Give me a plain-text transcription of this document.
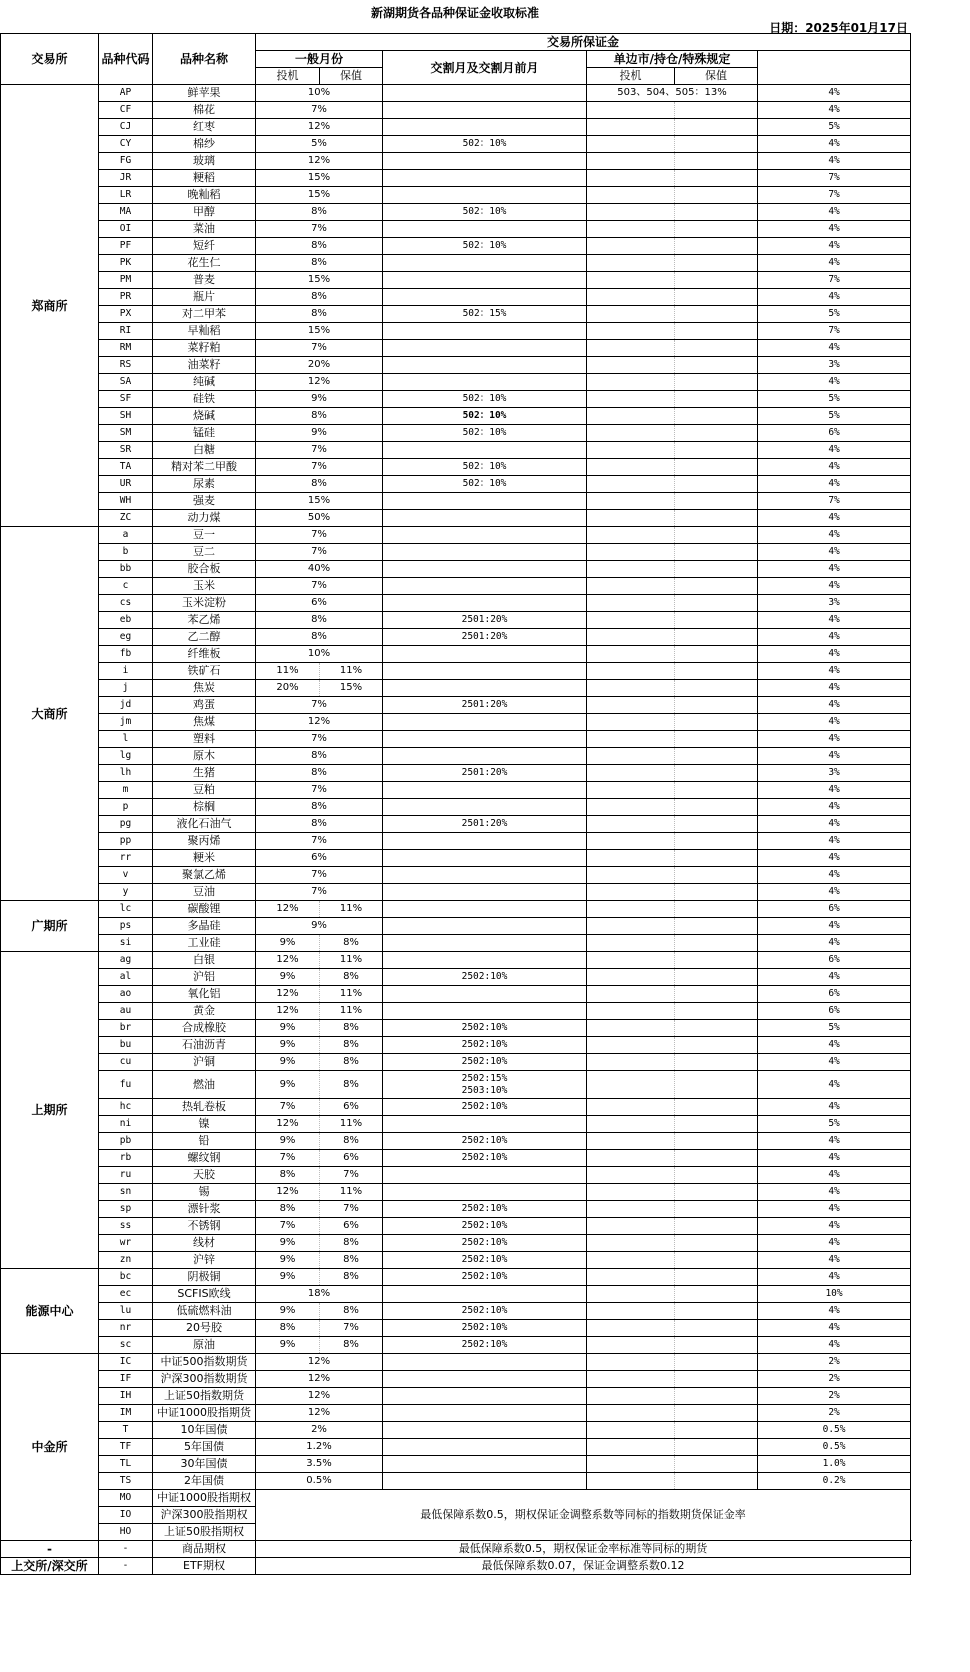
新湖期货各品种保证金收取标准
日期：2025年01月17日
交易所	品种代码	品种名称	交易所保证金	
			一般月份		交割月及交割月前月	单边市/持仓/特殊规定			
			投机	保值		投机	保值		
郑商所	AP	鲜苹果	10%			503、504、505：13%		4%	
	CF	棉花	7%					4%	
	CJ	红枣	12%					5%	
	CY	棉纱	5%		502：10%			4%	
	FG	玻璃	12%					4%	
	JR	粳稻	15%					7%	
	LR	晚籼稻	15%					7%	
	MA	甲醇	8%		502：10%			4%	
	OI	菜油	7%					4%	
	PF	短纤	8%		502：10%			4%	
	PK	花生仁	8%					4%	
	PM	普麦	15%					7%	
	PR	瓶片	8%					4%	
	PX	对二甲苯	8%		502：15%			5%	
	RI	早籼稻	15%					7%	
	RM	菜籽粕	7%					4%	
	RS	油菜籽	20%					3%	
	SA	纯碱	12%					4%	
	SF	硅铁	9%		502：10%			5%	
	SH	烧碱	8%		502：10%			5%	
	SM	锰硅	9%		502：10%			6%	
	SR	白糖	7%					4%	
	TA	精对苯二甲酸	7%		502：10%			4%	
	UR	尿素	8%		502：10%			4%	
	WH	强麦	15%					7%	
	ZC	动力煤	50%					4%	
大商所	a	豆一	7%					4%	
	b	豆二	7%					4%	
	bb	胶合板	40%					4%	
	c	玉米	7%					4%	
	cs	玉米淀粉	6%					3%	
	eb	苯乙烯	8%		2501:20%			4%	
	eg	乙二醇	8%		2501:20%			4%	
	fb	纤维板	10%					4%	
	i	铁矿石	11%	11%				4%	
	j	焦炭	20%	15%				4%	
	jd	鸡蛋	7%		2501:20%			4%	
	jm	焦煤	12%					4%	
	l	塑料	7%					4%	
	lg	原木	8%					4%	
	lh	生猪	8%		2501:20%			3%	
	m	豆粕	7%					4%	
	p	棕榈	8%					4%	
	pg	液化石油气	8%		2501:20%			4%	
	pp	聚丙烯	7%					4%	
	rr	粳米	6%					4%	
	v	聚氯乙烯	7%					4%	
	y	豆油	7%					4%	
广期所	lc	碳酸锂	12%	11%				6%	
	ps	多晶硅	9%					4%	
	si	工业硅	9%	8%				4%	
上期所	ag	白银	12%	11%				6%	
	al	沪铝	9%	8%	2502:10%			4%	
	ao	氧化铝	12%	11%				6%	
	au	黄金	12%	11%				6%	
	br	合成橡胶	9%	8%	2502:10%			5%	
	bu	石油沥青	9%	8%	2502:10%			4%	
	cu	沪铜	9%	8%	2502:10%			4%	
	fu	燃油	9%	8%	2502:15%
2503:10%			4%	
	hc	热轧卷板	7%	6%	2502:10%			4%	
	ni	镍	12%	11%				5%	
	pb	铅	9%	8%	2502:10%			4%	
	rb	螺纹钢	7%	6%	2502:10%			4%	
	ru	天胶	8%	7%				4%	
	sn	锡	12%	11%				4%	
	sp	漂针浆	8%	7%	2502:10%			4%	
	ss	不锈钢	7%	6%	2502:10%			4%	
	wr	线材	9%	8%	2502:10%			4%	
	zn	沪锌	9%	8%	2502:10%			4%	
能源中心	bc	阴极铜	9%	8%	2502:10%			4%	
	ec	SCFIS欧线	18%					10%	
	lu	低硫燃料油	9%	8%	2502:10%			4%	
	nr	20号胶	8%	7%	2502:10%			4%	
	sc	原油	9%	8%	2502:10%			4%	
中金所	IC	中证500指数期货	12%					2%	
	IF	沪深300指数期货	12%					2%	
	IH	上证50指数期货	12%					2%	
	IM	中证1000股指期货	12%					2%	
	T	10年国债	2%					0.5%	
	TF	5年国债	1.2%					0.5%	
	TL	30年国债	3.5%					1.0%	
	TS	2年国债	0.5%					0.2%	
	MO	中证1000股指期权	最低保障系数0.5，期权保证金调整系数等同标的指数期货保证金率						
	IO	沪深300股指期权							
	HO	上证50股指期权							
-	-	商品期权	最低保障系数0.5，期权保证金率标准等同标的期货						
上交所/深交所	-	ETF期权	最低保障系数0.07，保证金调整系数0.12	
